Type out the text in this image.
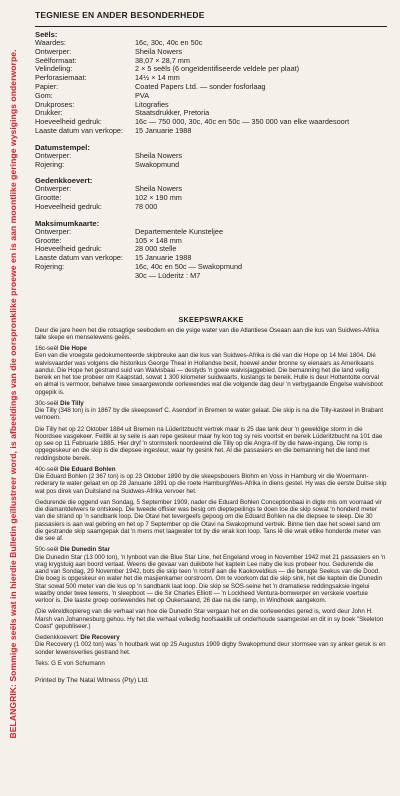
BELANGRIK: Sommige seëls wat in hierdie Bulletin geïllustreer word, is afbeeldings van die oorspronklike proewe en is aan moontlike geringe wysigings onderworpe.
TEGNIESE EN ANDER BESONDERHEDE
Seëls:
Waardes:	16c, 30c, 40c en 50c
Ontwerper:	Sheila Nowers
Seëlformaat:	38,07 × 28,7 mm
Velindeling:	2 × 5 seëls (6 ongeïdentifiseerde veldele per plaat)
Perforasiemaat:	14½ × 14 mm
Papier:	Coated Papers Ltd. — sonder fosforlaag
Gom:	PVA
Drukproses:	Litografies
Drukker:	Staatsdrukker, Pretoria
Hoeveelheid gedruk:	16c — 750 000, 30c, 40c en 50c — 350 000 van elke waardesoort
Laaste datum van verkope:	15 Januarie 1988
Datumstempel:
Ontwerper:	Sheila Nowers
Rojering:	Swakopmund
Gedenkkoevert:
Ontwerper:	Sheila Nowers
Grootte:	102 × 190 mm
Hoeveelheid gedruk:	78 000
Maksimumkaarte:
Ontwerper:	Departementele Kunsteljee
Grootte:	105 × 148 mm
Hoeveelheid gedruk:	28 000 stelle
Laaste datum van verkope:	15 Januarie 1988
Rojering:	16c, 40c en 50c — Swakopmund
30c — Lüderitz : M7
SKEEPSWRAKKE

Deur die jare heen het die rotsagtige seebodem en die ysige water van die Atlantiese Oseaan aan die kus van Suidwes-Afrika talle skepe en menselewens geëis.

16c-seël Die Hope
Een van die vroegste gedokumenteerde skipbreuke aan die kus van Suidwes-Afrika is dié van die Hope op 14 Mei 1804. Dié walvisvaarder was volgens die historikus George Theal in Hollandse besit, hoewel ander bronne sy eienaars as Amerikaans aandui. Die Hope het gestrand suid van Walvisbaai — destyds 'n goeie walvisjaggebied. Die bemanning het die land veilig bereik en het toe probeer om Kaapstad, sowat 1 300 kilometer suidwaarts, kuslangs te bereik. Hulle is deur Hottentotte oorval en almal is vermoor, behalwe twee swaargewonde oorlewendes wat die volgende dag deur 'n verbygaande Engelse walvisboot opgepik is.

30c-seël Die Tilly
Die Tilly (348 ton) is in 1867 by die skeepswerf C. Asendorf in Bremen te water gelaat. Die skip is na die Tilly-kasteel in Brabant vernoem.

Die Tilly het op 22 Oktober 1884 uit Bremen na Lüderitzbucht vertrek maar is 25 dae lank deur 'n geweldige storm in die Noordsee vasgekeer. Feitlik al sy seile is aan repe geskeur maar hy kon tog sy reis voortsit en bereik Lüderitzbucht na 101 dae op see op 11 Februarie 1885. Hier dryf 'n stormsterk noordewind die Tilly op die Angra-rif by die hawe-ingang. Die romp is opgegeskeur en die skip is die diepsee ingesleur, waar hy gesink het. Al die passasiers en die bemanning het die land met reddingsbote bereik.

40c-seël Die Eduard Bohlen
Die Eduard Bohlen (2 367 ton) is op 23 Oktober 1890 by die skeepsbouers Blohm en Voss in Hamburg vir die Woermann-rederary te water gelaat en op 28 Januarie 1891 op die roete Hamburg/Wes-Afrika in diens gestel. Hy was die eerste Duitse skip wat pos direk van Duitsland na Suidwes-Afrika vervoer het.

Gedurende die oggend van Sondag, 5 September 1909, nader die Eduard Bohlen Conceptionbaai in digte mis om voorraad vir die diamantdelwers te ontskeep. Die tweede offisier was besig om dieptepeilings te doen toe die skip sowat 'n honderd meter van die strand op 'n sandbank loop. Die Otavi het tevergeefs gepoog om die Eduard Bohlen na die diepsee te sleep. Die 30 passasiers is aan wal gebring en het op 7 September op die Otavi na Swakopmund vertrek. Binne tien dae het sowel sand om die gestrande skip saamgepak dat 'n mens met laagwater tot by die wrak kon loop. Tans lê die wrak etlike honderde meter van die see af.

50c-seël Die Dunedin Star
Die Dunedin Star (13 000 ton), 'n lynboot van die Blue Star Line, het Engeland vroeg in November 1942 met 21 passasiers en 'n vrag krygstuig aan boord verlaat. Weens die gevaar van duikbote het kaptein Lee naby die kus probeer hou. Gedurende die aand van Sondag, 29 November 1942, bots die skip teen 'n rotsrif aan die Kaokoveldkus — die berugte Seekus van die Dood. Die boeg is opgeskeur en water het die masjienkamer oorstroom. Om te voorkom dat die skip sink, het die kaptein die Dunedin Star sowat 500 meter van die kus op 'n sandbank laat loop. Die skip se SOS-seine het 'n dramatiese reddingsaksie ingelui waarby onder twee lewens, 'n sleepboot — die Sir Charles Elliott — 'n Lockheed Ventura-bomwerper en verskeie voertuie verloor is. Die laaste groep oorlewendes het op Oukersaand, 26 dae na die ramp, in Windhoek aangekom.

(Die wêreldkopiereg van die verhaal van hoe die Dunedin Star vergaan het en die oorlewendes gered is, word deur John H. Marsh van Johannesburg gehou. Hy het die verhaal volledig hoofsaaklik uit onderhoude saamgestel en dit in sy boek "Skeleton Coast" gepubliseer.)

Gedenkkoevert: Die Recovery
Die Recovery (1 002 ton) was 'n houtbark wat op 25 Augustus 1909 digby Swakopmund deur stormsee van sy anker geruk is en sonder lewensverlies gestrand het.

Teks: G E von Schumann

Printed by The Natal Witness (Pty) Ltd.
